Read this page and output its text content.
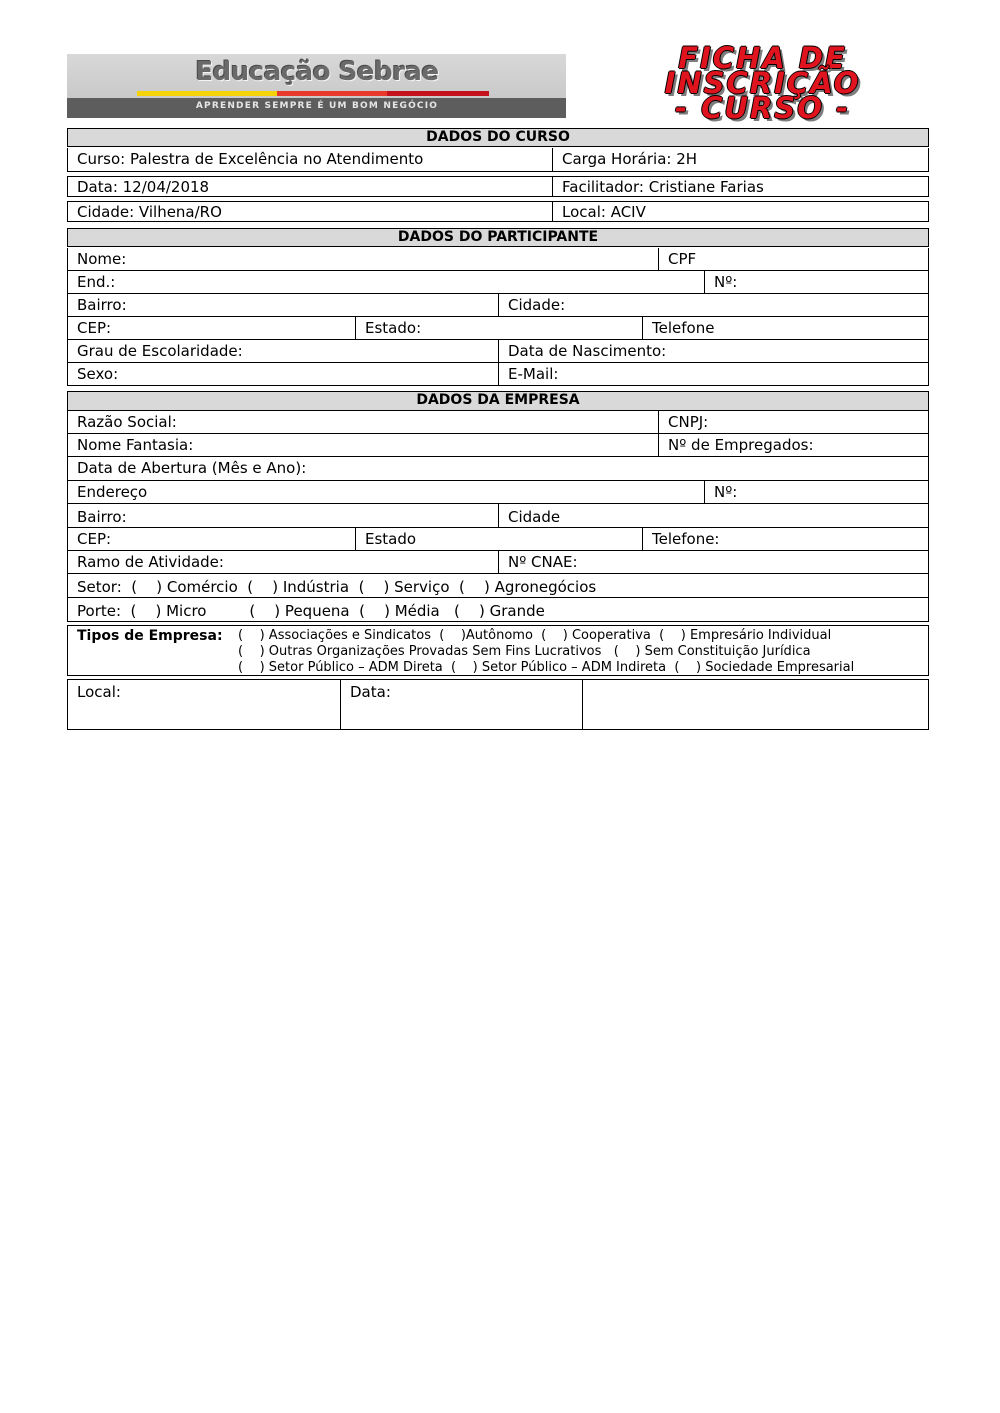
Educação Sebrae
APRENDER SEMPRE É UM BOM NEGÓCIO
FICHA DE
INSCRIÇÃO
- CURSO -
DADOS DO CURSO
Curso: Palestra de Excelência no Atendimento	Carga Horária: 2H
Data: 12/04/2018	Facilitador: Cristiane Farias
Cidade: Vilhena/RO	Local: ACIV
DADOS DO PARTICIPANTE
Nome:	CPF
End.:	Nº:
Bairro:	Cidade:
CEP:	Estado:	Telefone
Grau de Escolaridade:	Data de Nascimento:
Sexo:	E-Mail:
DADOS DA EMPRESA
Razão Social:	CNPJ:
Nome Fantasia:	Nº de Empregados:
Data de Abertura (Mês e Ano):
Endereço	Nº:
Bairro:	Cidade
CEP:	Estado	Telefone:
Ramo de Atividade:	Nº CNAE:
Setor:  (    ) Comércio  (    ) Indústria  (    ) Serviço  (    ) Agronegócios
Porte:  (    ) Micro         (    ) Pequena  (    ) Média   (    ) Grande
Tipos de Empresa: (    ) Associações e Sindicatos  (    )Autônomo  (    ) Cooperativa  (    ) Empresário Individual
(    ) Outras Organizações Provadas Sem Fins Lucrativos   (    ) Sem Constituição Jurídica
(    ) Setor Público – ADM Direta  (    ) Setor Público – ADM Indireta  (    ) Sociedade Empresarial
Local:	Data:
